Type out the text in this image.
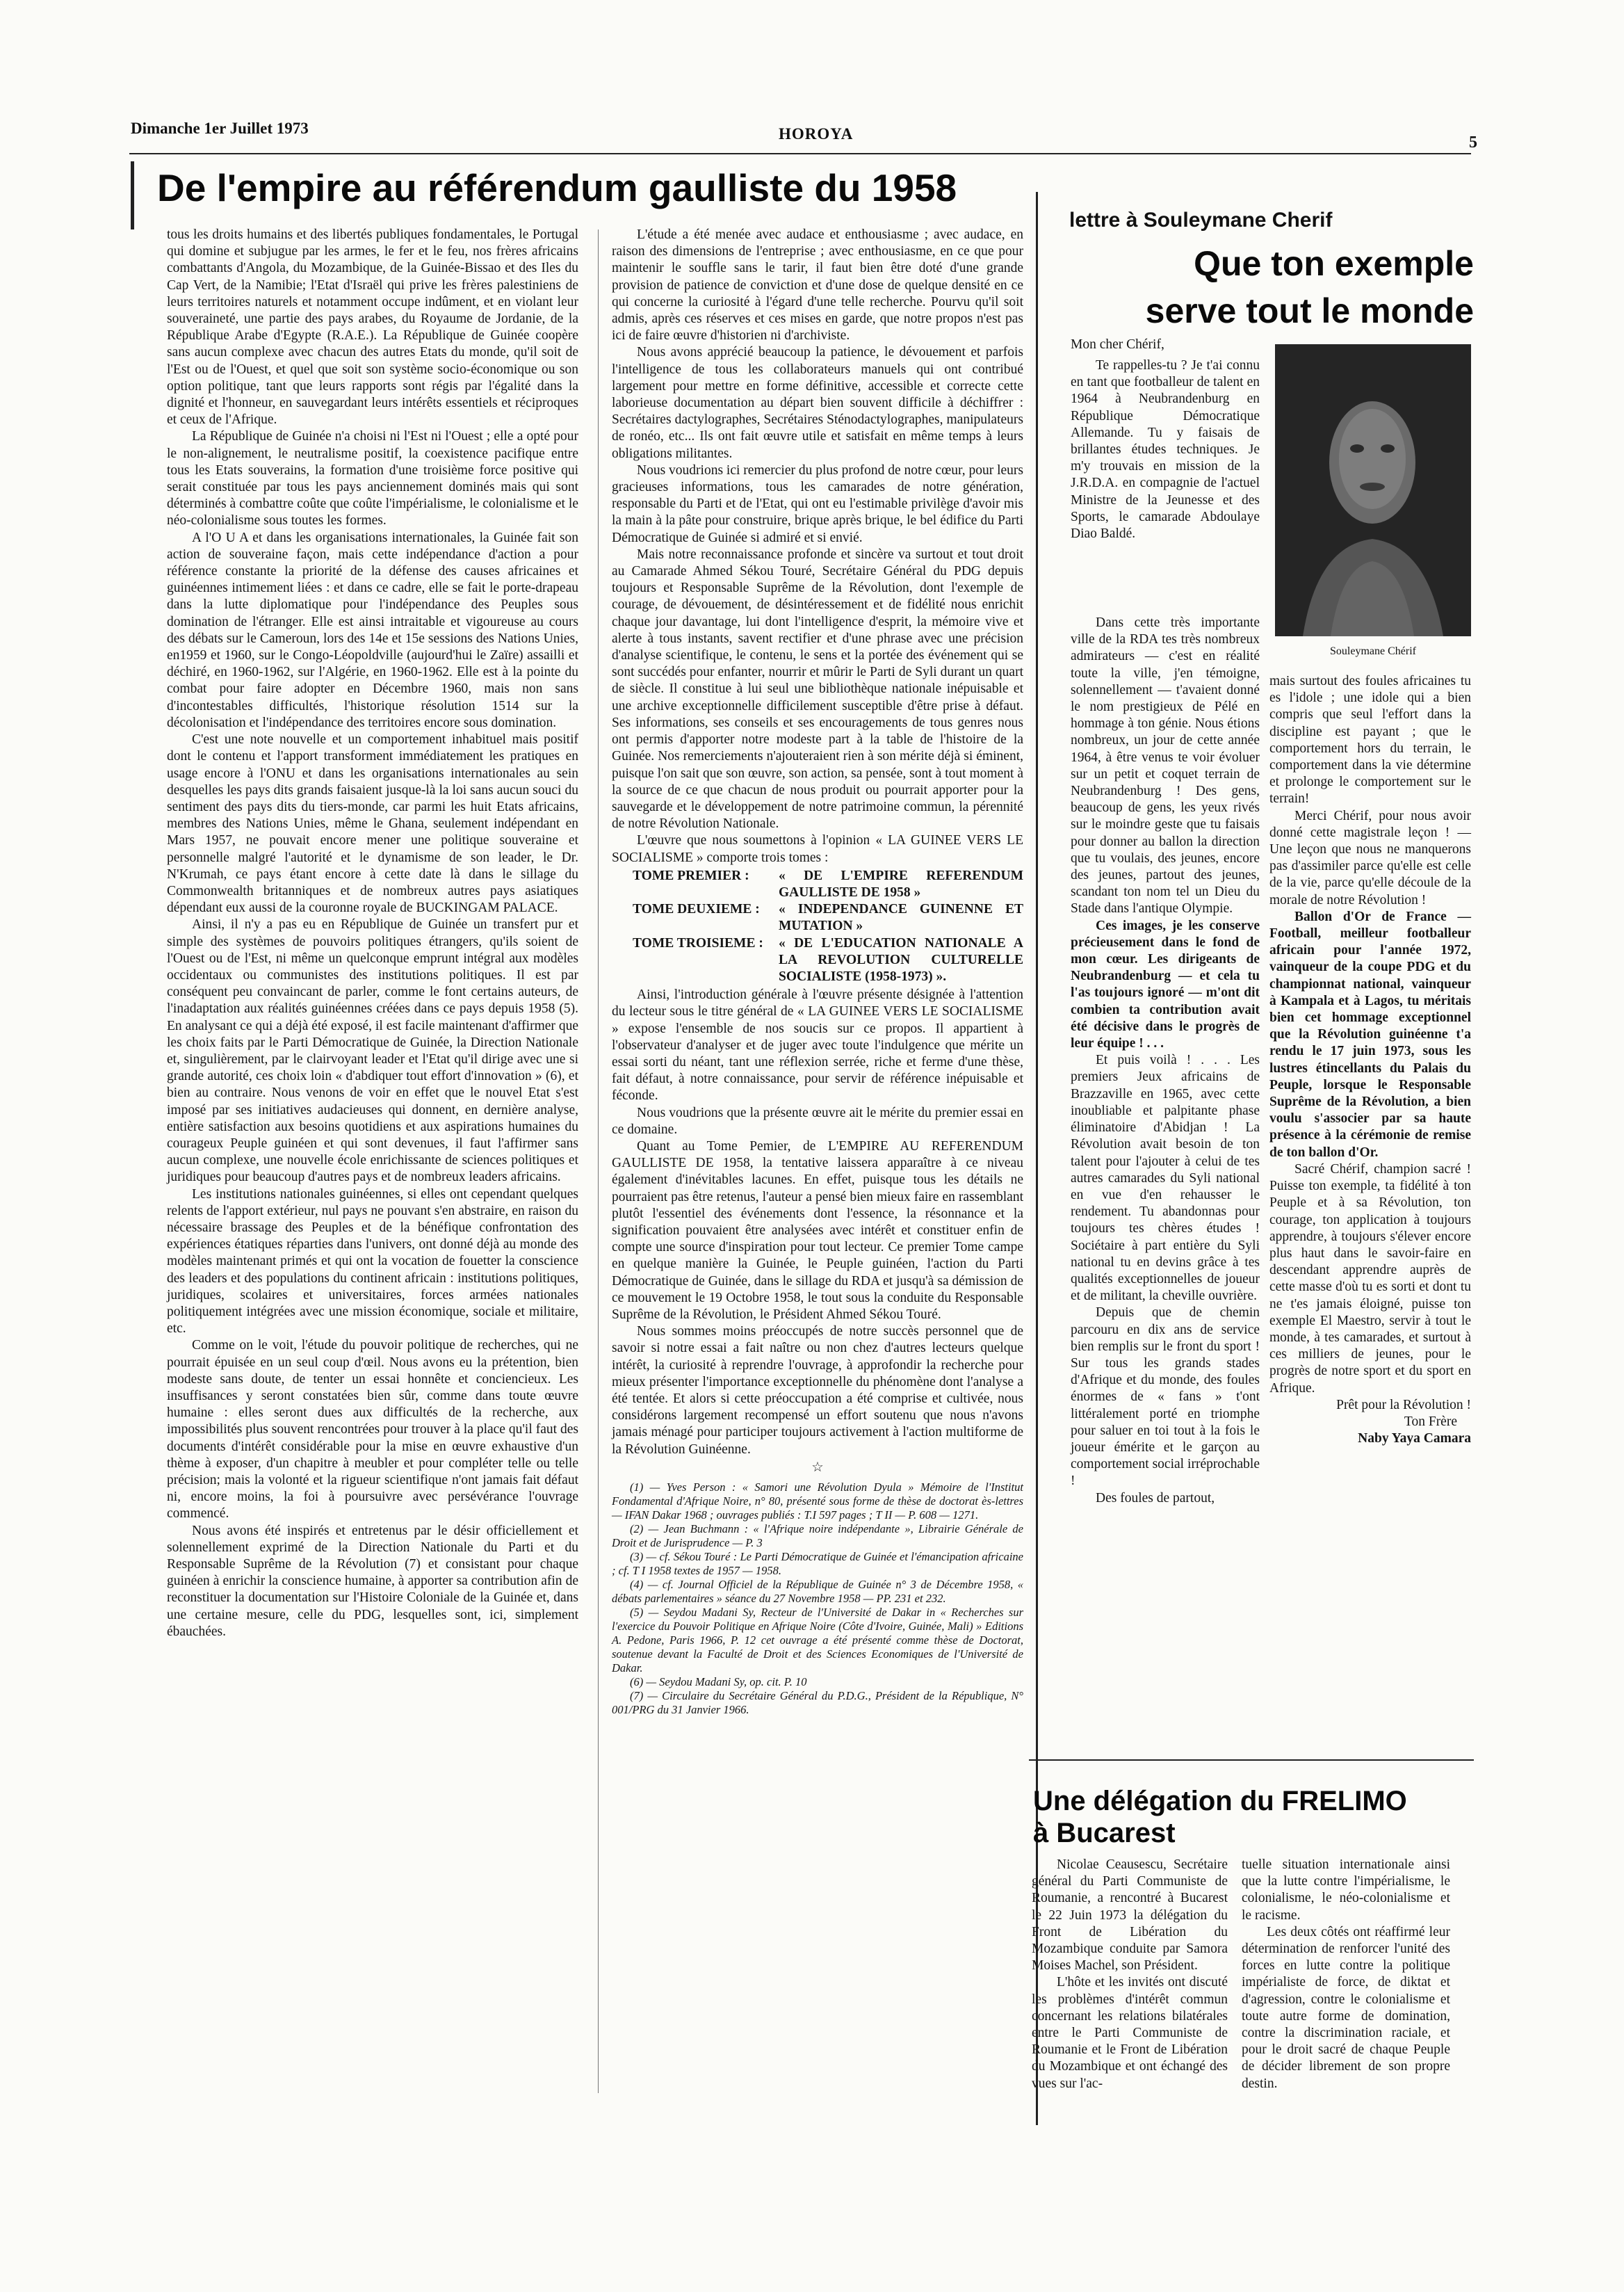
Dimanche 1er Juillet 1973	HOROYA	5
De l'empire au référendum gaulliste du 1958

tous les droits humains et des libertés publiques fondamentales, le Portugal qui domine et subjugue par les armes, le fer et le feu, nos frères africains combattants d'Angola, du Mozambique, de la Guinée-Bissao et des Iles du Cap Vert, de la Namibie; l'Etat d'Israël qui prive les frères palestiniens de leurs territoires naturels et notamment occupe indûment, et en violant leur souveraineté, une partie des pays arabes, du Royaume de Jordanie, de la République Arabe d'Egypte (R.A.E.). La République de Guinée coopère sans aucun complexe avec chacun des autres Etats du monde, qu'il soit de l'Est ou de l'Ouest, et quel que soit son système socio-économique ou son option politique, tant que leurs rapports sont régis par l'égalité dans la dignité et l'honneur, en sauvegardant leurs intérêts essentiels et réciproques et ceux de l'Afrique.

La République de Guinée n'a choisi ni l'Est ni l'Ouest ; elle a opté pour le non-alignement, le neutralisme positif, la coexistence pacifique entre tous les Etats souverains, la formation d'une troisième force positive qui serait constituée par tous les pays anciennement dominés mais qui sont déterminés à combattre coûte que coûte l'impérialisme, le colonialisme et le néo-colonialisme sous toutes les formes.

A l'O U A et dans les organisations internationales, la Guinée fait son action de souveraine façon, mais cette indépendance d'action a pour référence constante la priorité de la défense des causes africaines et guinéennes intimement liées : et dans ce cadre, elle se fait le porte-drapeau dans la lutte diplomatique pour l'indépendance des Peuples sous domination de l'étranger. Elle est ainsi intraitable et vigoureuse au cours des débats sur le Cameroun, lors des 14e et 15e sessions des Nations Unies, en1959 et 1960, sur le Congo-Léopoldville (aujourd'hui le Zaïre) assailli et déchiré, en 1960-1962, sur l'Algérie, en 1960-1962. Elle est à la pointe du combat pour faire adopter en Décembre 1960, mais non sans d'incontestables difficultés, l'historique résolution 1514 sur la décolonisation et l'indépendance des territoires encore sous domination.

C'est une note nouvelle et un comportement inhabituel mais positif dont le contenu et l'apport transforment immédiatement les pratiques en usage encore à l'ONU et dans les organisations internationales au sein desquelles les pays dits grands faisaient jusque-là la loi sans aucun souci du sentiment des pays dits du tiers-monde, car parmi les huit Etats africains, membres des Nations Unies, même le Ghana, seulement indépendant en Mars 1957, ne pouvait encore mener une politique souveraine et personnelle malgré l'autorité et le dynamisme de son leader, le Dr. N'Krumah, ce pays étant encore à cette date là dans le sillage du Commonwealth britanniques et de nombreux autres pays asiatiques dépendant eux aussi de la couronne royale de BUCKINGAM PALACE.

Ainsi, il n'y a pas eu en République de Guinée un transfert pur et simple des systèmes de pouvoirs politiques étrangers, qu'ils soient de l'Ouest ou de l'Est, ni même un quelconque emprunt intégral aux modèles occidentaux ou communistes des institutions politiques. Il est par conséquent peu convaincant de parler, comme le font certains auteurs, de l'inadaptation aux réalités guinéennes créées dans ce pays depuis 1958 (5). En analysant ce qui a déjà été exposé, il est facile maintenant d'affirmer que les choix faits par le Parti Démocratique de Guinée, la Direction Nationale et, singulièrement, par le clairvoyant leader et l'Etat qu'il dirige avec une si grande autorité, ces choix loin « d'abdiquer tout effort d'innovation » (6), et bien au contraire. Nous venons de voir en effet que le nouvel Etat s'est imposé par ses initiatives audacieuses qui donnent, en dernière analyse, entière satisfaction aux besoins quotidiens et aux aspirations humaines du courageux Peuple guinéen et qui sont devenues, il faut l'affirmer sans aucun complexe, une nouvelle école enrichissante de sciences politiques et juridiques pour beaucoup d'autres pays et de nombreux leaders africains.

Les institutions nationales guinéennes, si elles ont cependant quelques relents de l'apport extérieur, nul pays ne pouvant s'en abstraire, en raison du nécessaire brassage des Peuples et de la bénéfique confrontation des expériences étatiques réparties dans l'univers, ont donné déjà au monde des modèles maintenant primés et qui ont la vocation de fouetter la conscience des leaders et des populations du continent africain : institutions politiques, juridiques, scolaires et universitaires, forces armées nationales politiquement intégrées avec une mission économique, sociale et militaire, etc.

Comme on le voit, l'étude du pouvoir politique de recherches, qui ne pourrait épuisée en un seul coup d'œil. Nous avons eu la prétention, bien modeste sans doute, de tenter un essai honnête et conciencieux. Les insuffisances y seront constatées bien sûr, comme dans toute œuvre humaine : elles seront dues aux difficultés de la recherche, aux impossibilités plus souvent rencontrées pour trouver à la place qu'il faut des documents d'intérêt considérable pour la mise en œuvre exhaustive d'un thème à exposer, d'un chapitre à meubler et pour compléter telle ou telle précision; mais la volonté et la rigueur scientifique n'ont jamais fait défaut ni, encore moins, la foi à poursuivre avec persévérance l'ouvrage commencé.

Nous avons été inspirés et entretenus par le désir officiellement et solennellement exprimé de la Direction Nationale du Parti et du Responsable Suprême de la Révolution (7) et consistant pour chaque guinéen à enrichir la conscience humaine, à apporter sa contribution afin de reconstituer la documentation sur l'Histoire Coloniale de la Guinée et, dans une certaine mesure, celle du PDG, lesquelles sont, ici, simplement ébauchées.

L'étude a été menée avec audace et enthousiasme ; avec audace, en raison des dimensions de l'entreprise ; avec enthousiasme, en ce que pour maintenir le souffle sans le tarir, il faut bien être doté d'une grande provision de patience de conviction et d'une dose de quelque densité en ce qui concerne la curiosité à l'égard d'une telle recherche. Pourvu qu'il soit admis, après ces réserves et ces mises en garde, que notre propos n'est pas ici de faire œuvre d'historien ni d'archiviste.

Nous avons apprécié beaucoup la patience, le dévouement et parfois l'intelligence de tous les collaborateurs manuels qui ont contribué largement pour mettre en forme définitive, accessible et correcte cette laborieuse documentation au départ bien souvent difficile à déchiffrer : Secrétaires dactylographes, Secrétaires Sténodactylographes, manipulateurs de ronéo, etc... Ils ont fait œuvre utile et satisfait en même temps à leurs obligations militantes.

Nous voudrions ici remercier du plus profond de notre cœur, pour leurs gracieuses informations, tous les camarades de notre génération, responsable du Parti et de l'Etat, qui ont eu l'estimable privilège d'avoir mis la main à la pâte pour construire, brique après brique, le bel édifice du Parti Démocratique de Guinée si admiré et si envié.

Mais notre reconnaissance profonde et sincère va surtout et tout droit au Camarade Ahmed Sékou Touré, Secrétaire Général du PDG depuis toujours et Responsable Suprême de la Révolution, dont l'exemple de courage, de dévouement, de désintéressement et de fidélité nous enrichit chaque jour davantage, lui dont l'intelligence d'esprit, la mémoire vive et alerte à tous instants, savent rectifier et d'une phrase avec une précision d'analyse scientifique, le contenu, le sens et la portée des événement qui se sont succédés pour enfanter, nourrir et mûrir le Parti de Syli durant un quart de siècle. Il constitue à lui seul une bibliothèque nationale inépuisable et une archive exceptionnelle difficilement susceptible d'être prise à défaut. Ses informations, ses conseils et ses encouragements de tous genres nous ont permis d'apporter notre modeste part à la table de l'histoire de la Guinée. Nos remerciements n'ajouteraient rien à son mérite déjà si éminent, puisque l'on sait que son œuvre, son action, sa pensée, sont à tout moment à la source de ce que chacun de nous produit ou pourrait apporter pour la sauvegarde et le développement de notre patrimoine commun, la pérennité de notre Révolution Nationale.

L'œuvre que nous soumettons à l'opinion « LA GUINEE VERS LE SOCIALISME » comporte trois tomes :

TOME PREMIER :	« DE L'EMPIRE REFERENDUM GAULLISTE DE 1958 »
TOME DEUXIEME :	« INDEPENDANCE GUINENNE ET MUTATION »
TOME TROISIEME :	« DE L'EDUCATION NATIONALE A LA REVOLUTION CULTURELLE SOCIALISTE (1958-1973) ».

Ainsi, l'introduction générale à l'œuvre présente désignée à l'attention du lecteur sous le titre général de « LA GUINEE VERS LE SOCIALISME » expose l'ensemble de nos soucis sur ce propos. Il appartient à l'observateur d'analyser et de juger avec toute l'indulgence que mérite un essai sorti du néant, tant une réflexion serrée, riche et ferme d'une thèse, fait défaut, à notre connaissance, pour servir de référence inépuisable et féconde.

Nous voudrions que la présente œuvre ait le mérite du premier essai en ce domaine.

Quant au Tome Pemier, de L'EMPIRE AU REFERENDUM GAULLISTE DE 1958, la tentative laissera apparaître à ce niveau également d'inévitables lacunes. En effet, puisque tous les détails ne pourraient pas être retenus, l'auteur a pensé bien mieux faire en rassemblant plutôt l'essentiel des événements dont l'essence, la résonnance et la signification pouvaient être analysées avec intérêt et constituer enfin de compte une source d'inspiration pour tout lecteur. Ce premier Tome campe en quelque manière la Guinée, le Peuple guinéen, l'action du Parti Démocratique de Guinée, dans le sillage du RDA et jusqu'à sa démission de ce mouvement le 19 Octobre 1958, le tout sous la conduite du Responsable Suprême de la Révolution, le Président Ahmed Sékou Touré.

Nous sommes moins préoccupés de notre succès personnel que de savoir si notre essai a fait naître ou non chez d'autres lecteurs quelque intérêt, la curiosité à reprendre l'ouvrage, à approfondir la recherche pour mieux présenter l'importance exceptionnelle du phénomène dont l'analyse a été tentée. Et alors si cette préoccupation a été comprise et cultivée, nous considérons largement recompensé un effort soutenu que nous n'avons jamais ménagé pour participer toujours activement à l'action multiforme de la Révolution Guinéenne.

☆

(1) — Yves Person : « Samori une Révolution Dyula » Mémoire de l'Institut Fondamental d'Afrique Noire, n° 80, présenté sous forme de thèse de doctorat ès-lettres — IFAN Dakar 1968 ; ouvrages publiés : T.I 597 pages ; T II — P. 608 — 1271.

(2) — Jean Buchmann : « l'Afrique noire indépendante », Librairie Générale de Droit et de Jurisprudence — P. 3

(3) — cf. Sékou Touré : Le Parti Démocratique de Guinée et l'émancipation africaine ; cf. T I 1958 textes de 1957 — 1958.

(4) — cf. Journal Officiel de la République de Guinée n° 3 de Décembre 1958, « débats parlementaires » séance du 27 Novembre 1958 — PP. 231 et 232.

(5) — Seydou Madani Sy, Recteur de l'Université de Dakar in « Recherches sur l'exercice du Pouvoir Politique en Afrique Noire (Côte d'Ivoire, Guinée, Mali) » Editions A. Pedone, Paris 1966, P. 12 cet ouvrage a été présenté comme thèse de Doctorat, soutenue devant la Faculté de Droit et des Sciences Economiques de l'Université de Dakar.

(6) — Seydou Madani Sy, op. cit. P. 10

(7) — Circulaire du Secrétaire Général du P.D.G., Président de la République, N° 001/PRG du 31 Janvier 1966.

lettre à Souleymane Cherif
Que ton exemple
serve tout le monde
Mon cher Chérif,

Te rappelles-tu ? Je t'ai connu en tant que footballeur de talent en 1964 à Neubrandenburg en République Démocratique Allemande. Tu y faisais de brillantes études techniques. Je m'y trouvais en mission de la J.R.D.A. en compagnie de l'actuel Ministre de la Jeunesse et des Sports, le camarade Abdoulaye Diao Baldé.

Souleymane Chérif

Dans cette très importante ville de la RDA tes très nombreux admirateurs — c'est en réalité toute la ville, j'en témoigne, solennellement — t'avaient donné le nom prestigieux de Pélé en hommage à ton génie. Nous étions nombreux, un jour de cette année 1964, à être venus te voir évoluer sur un petit et coquet terrain de Neubrandenburg ! Des gens, beaucoup de gens, les yeux rivés sur le moindre geste que tu faisais pour donner au ballon la direction que tu voulais, des jeunes, encore des jeunes, partout des jeunes, scandant ton nom tel un Dieu du Stade dans l'antique Olympie.

Ces images, je les conserve précieusement dans le fond de mon cœur. Les dirigeants de Neubrandenburg — et cela tu l'as toujours ignoré — m'ont dit combien ta contribution avait été décisive dans le progrès de leur équipe ! . . .

Et puis voilà ! . . . Les premiers Jeux africains de Brazzaville en 1965, avec cette inoubliable et palpitante phase éliminatoire d'Abidjan ! La Révolution avait besoin de ton talent pour l'ajouter à celui de tes autres camarades du Syli national en vue d'en rehausser le rendement. Tu abandonnas pour toujours tes chères études ! Sociétaire à part entière du Syli national tu en devins grâce à tes qualités exceptionnelles de joueur et de militant, la cheville ouvrière.

Depuis que de chemin parcouru en dix ans de service bien remplis sur le front du sport ! Sur tous les grands stades d'Afrique et du monde, des foules énormes de « fans » t'ont littéralement porté en triomphe pour saluer en toi tout à la fois le joueur émérite et le garçon au comportement social irréprochable !

Des foules de partout,

mais surtout des foules africaines tu es l'idole ; une idole qui a bien compris que seul l'effort dans la discipline est payant ; que le comportement hors du terrain, le comportement dans la vie détermine et prolonge le comportement sur le terrain!

Merci Chérif, pour nous avoir donné cette magistrale leçon ! — Une leçon que nous ne manquerons pas d'assimiler parce qu'elle est celle de la vie, parce qu'elle découle de la morale de notre Révolution !

Ballon d'Or de France — Football, meilleur footballeur africain pour l'année 1972, vainqueur de la coupe PDG et du championnat national, vainqueur à Kampala et à Lagos, tu méritais bien cet hommage exceptionnel que la Révolution guinéenne t'a rendu le 17 juin 1973, sous les lustres étincellants du Palais du Peuple, lorsque le Responsable Suprême de la Révolution, a bien voulu s'associer par sa haute présence à la cérémonie de remise de ton ballon d'Or.

Sacré Chérif, champion sacré ! Puisse ton exemple, ta fidélité à ton Peuple et à sa Révolution, ton courage, ton application à toujours apprendre, à toujours s'élever encore plus haut dans le savoir-faire en descendant apprendre auprès de cette masse d'où tu es sorti et dont tu ne t'es jamais éloigné, puisse ton exemple El Maestro, servir à tout le monde, à tes camarades, et surtout à ces milliers de jeunes, pour le progrès de notre sport et du sport en Afrique.

Prêt pour la Révolution !

Ton Frère
Naby Yaya Camara
Une délégation du FRELIMO
à Bucarest

Nicolae Ceausescu, Secrétaire général du Parti Communiste de Roumanie, a rencontré à Bucarest le 22 Juin 1973 la délégation du Front de Libération du Mozambique conduite par Samora Moises Machel, son Président.

L'hôte et les invités ont discuté les problèmes d'intérêt commun concernant les relations bilatérales entre le Parti Communiste de Roumanie et le Front de Libération du Mozambique et ont échangé des vues sur l'ac-

tuelle situation internationale ainsi que la lutte contre l'impérialisme, le colonialisme, le néo-colonialisme et le racisme.

Les deux côtés ont réaffirmé leur détermination de renforcer l'unité des forces en lutte contre la politique impérialiste de force, de diktat et d'agression, contre le colonialisme et toute autre forme de domination, contre la discrimination raciale, et pour le droit sacré de chaque Peuple de décider librement de son propre destin.
